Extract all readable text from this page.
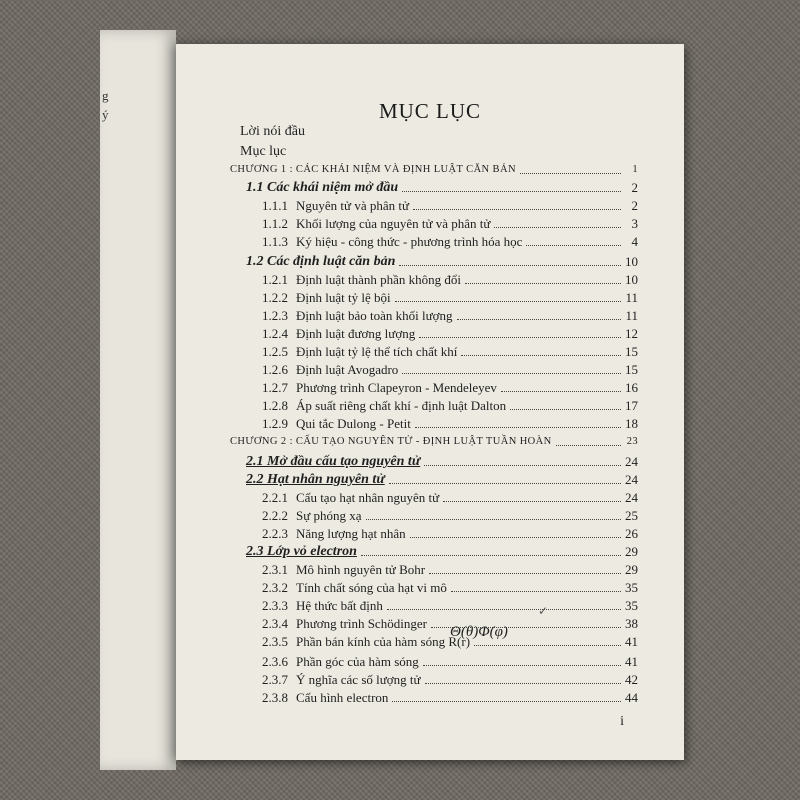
g
ý	MỤC LỤC
Lời nói đầu
Mục lục
CHƯƠNG 1 : CÁC KHÁI NIỆM VÀ ĐỊNH LUẬT CĂN BẢN	1
1.1 Các khái niệm mở đầu	2
1.1.1 Nguyên tử và phân tử	2
1.1.2 Khối lượng của nguyên tử và phân tử	3
1.1.3 Ký hiệu - công thức - phương trình hóa học	4
1.2 Các định luật căn bản	10
1.2.1 Định luật thành phần không đổi	10
1.2.2 Định luật tỷ lệ bội	11
1.2.3 Định luật bảo toàn khối lượng	11
1.2.4 Định luật đương lượng	12
1.2.5 Định luật tỷ lệ thể tích chất khí	15
1.2.6 Định luật Avogadro	15
1.2.7 Phương trình Clapeyron - Mendeleyev	16
1.2.8 Áp suất riêng chất khí - định luật Dalton	17
1.2.9 Qui tắc Dulong - Petit	18
CHƯƠNG 2 : CẤU TẠO NGUYÊN TỬ - ĐỊNH LUẬT TUẦN HOÀN	23
2.1 Mở đầu cấu tạo nguyên tử	24
2.2 Hạt nhân nguyên tử	24
2.2.1 Cấu tạo hạt nhân nguyên tử	24
2.2.2 Sự phóng xạ	25
2.2.3 Năng lượng hạt nhân	26
2.3 Lớp vỏ electron	29
2.3.1 Mô hình nguyên tử Bohr	29
2.3.2 Tính chất sóng của hạt vi mô	35
2.3.3 Hệ thức bất định	35
2.3.4 Phương trình Schödinger	38
2.3.5 Phần bán kính của hàm sóng R(r)	41
2.3.6 Phần góc của hàm sóng	41
2.3.7 Ý nghĩa các số lượng tử	42
2.3.8 Cấu hình electron	44
Θ(θ)Φ(φ)
✓
i
